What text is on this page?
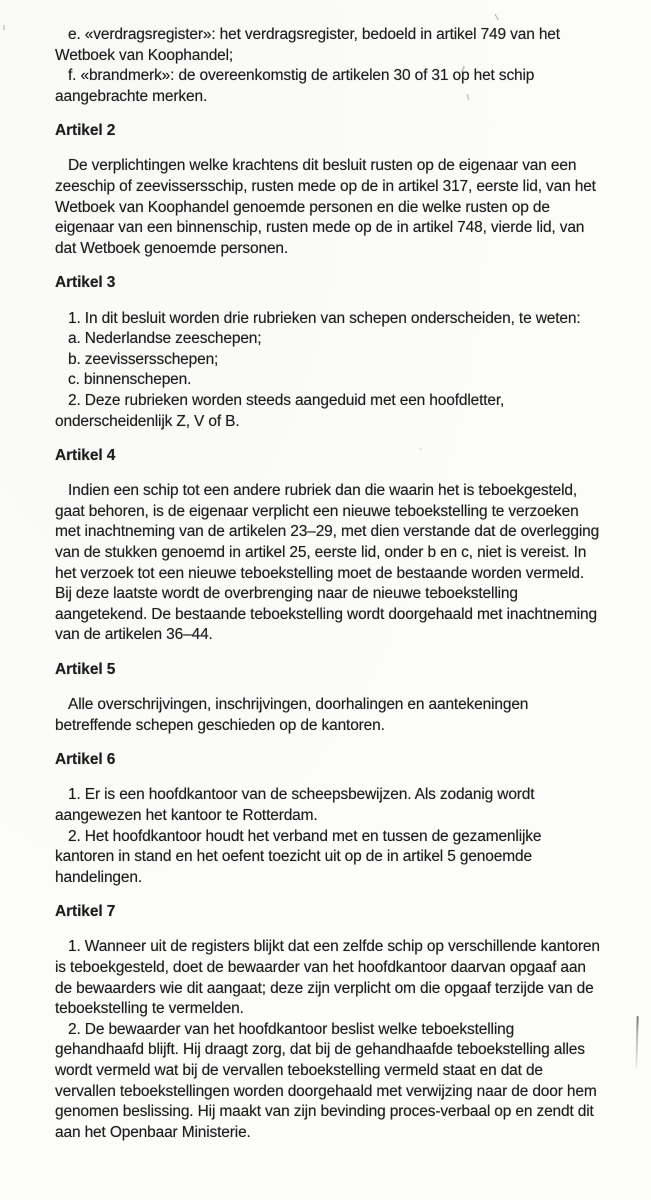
e. «verdragsregister»: het verdragsregister, bedoeld in artikel 749 van het Wetboek van Koophandel;

f. «brandmerk»: de overeenkomstig de artikelen 30 of 31 op het schip aangebrachte merken.

Artikel 2

De verplichtingen welke krachtens dit besluit rusten op de eigenaar van een zeeschip of zeevissersschip, rusten mede op de in artikel 317, eerste lid, van het Wetboek van Koophandel genoemde personen en die welke rusten op de eigenaar van een binnenschip, rusten mede op de in artikel 748, vierde lid, van dat Wetboek genoemde personen.

Artikel 3

1. In dit besluit worden drie rubrieken van schepen onderscheiden, te weten:

a. Nederlandse zeeschepen;

b. zeevissersschepen;

c. binnenschepen.

2. Deze rubrieken worden steeds aangeduid met een hoofdletter, onderscheidenlijk Z, V of B.

Artikel 4

Indien een schip tot een andere rubriek dan die waarin het is teboekgesteld, gaat behoren, is de eigenaar verplicht een nieuwe teboekstelling te verzoeken met inachtneming van de artikelen 23–29, met dien verstande dat de overlegging van de stukken genoemd in artikel 25, eerste lid, onder b en c, niet is vereist. In het verzoek tot een nieuwe teboekstelling moet de bestaande worden vermeld. Bij deze laatste wordt de overbrenging naar de nieuwe teboekstelling aangetekend. De bestaande teboekstelling wordt doorgehaald met inachtneming van de artikelen 36–44.

Artikel 5

Alle overschrijvingen, inschrijvingen, doorhalingen en aantekeningen betreffende schepen geschieden op de kantoren.

Artikel 6

1. Er is een hoofdkantoor van de scheepsbewijzen. Als zodanig wordt aangewezen het kantoor te Rotterdam.

2. Het hoofdkantoor houdt het verband met en tussen de gezamenlijke kantoren in stand en het oefent toezicht uit op de in artikel 5 genoemde handelingen.

Artikel 7

1. Wanneer uit de registers blijkt dat een zelfde schip op verschillende kantoren is teboekgesteld, doet de bewaarder van het hoofdkantoor daarvan opgaaf aan de bewaarders wie dit aangaat; deze zijn verplicht om die opgaaf terzijde van de teboekstelling te vermelden.

2. De bewaarder van het hoofdkantoor beslist welke teboekstelling gehandhaafd blijft. Hij draagt zorg, dat bij de gehandhaafde teboekstelling alles wordt vermeld wat bij de vervallen teboekstelling vermeld staat en dat de vervallen teboekstellingen worden doorgehaald met verwijzing naar de door hem genomen beslissing. Hij maakt van zijn bevinding proces-verbaal op en zendt dit aan het Openbaar Ministerie.
